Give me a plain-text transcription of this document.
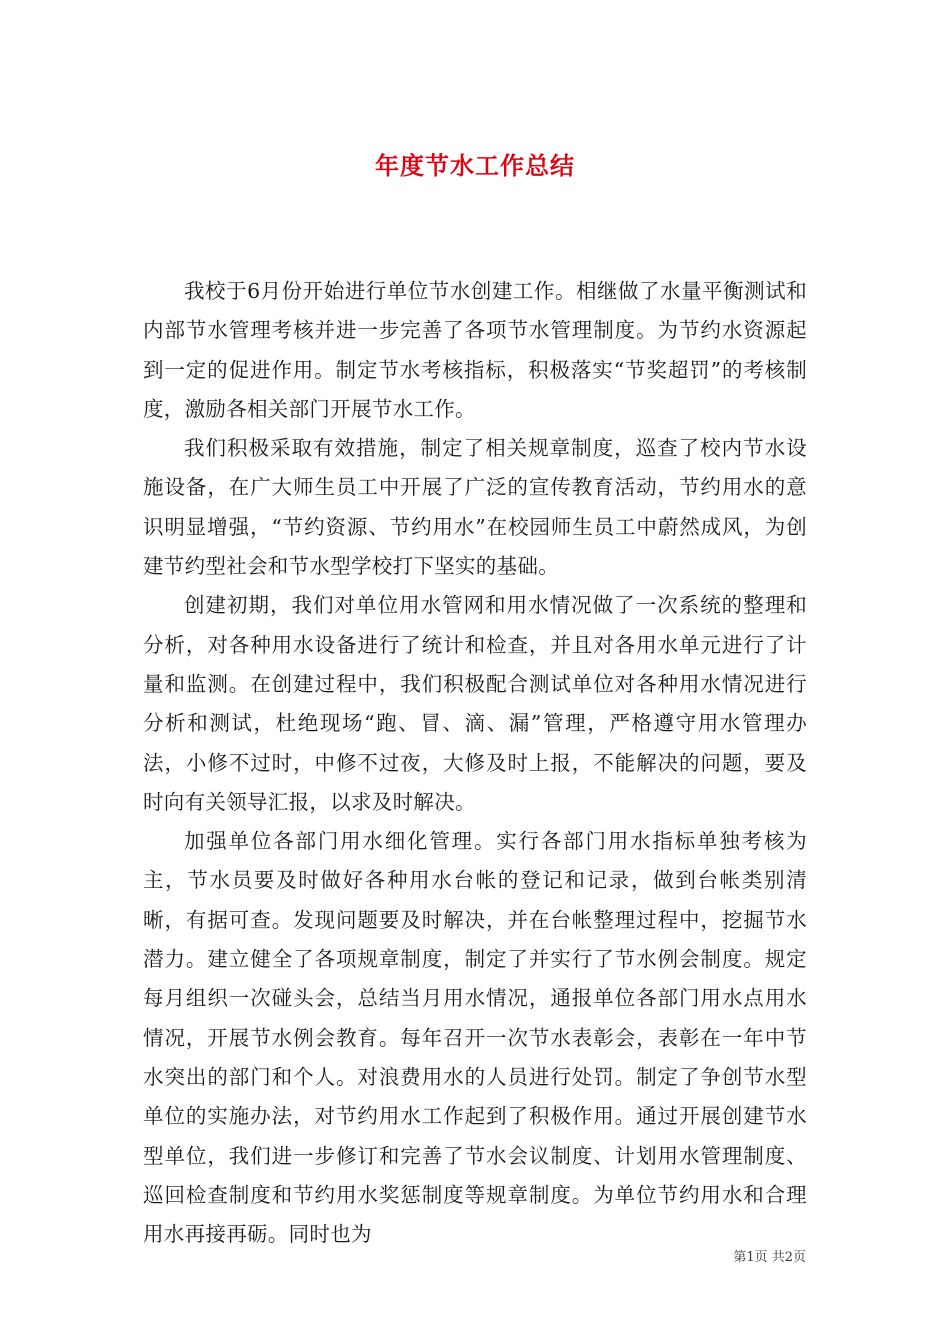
年度节水工作总结

我校于6月份开始进行单位节水创建工作。相继做了水量平衡测试和内部节水管理考核并进一步完善了各项节水管理制度。为节约水资源起到一定的促进作用。制定节水考核指标，积极落实“节奖超罚”的考核制度，激励各相关部门开展节水工作。

我们积极采取有效措施，制定了相关规章制度，巡查了校内节水设施设备，在广大师生员工中开展了广泛的宣传教育活动，节约用水的意识明显增强，“节约资源、节约用水”在校园师生员工中蔚然成风，为创建节约型社会和节水型学校打下坚实的基础。

创建初期，我们对单位用水管网和用水情况做了一次系统的整理和分析，对各种用水设备进行了统计和检查，并且对各用水单元进行了计量和监测。在创建过程中，我们积极配合测试单位对各种用水情况进行分析和测试，杜绝现场“跑、冒、滴、漏”管理，严格遵守用水管理办法，小修不过时，中修不过夜，大修及时上报，不能解决的问题，要及时向有关领导汇报，以求及时解决。

加强单位各部门用水细化管理。实行各部门用水指标单独考核为主，节水员要及时做好各种用水台帐的登记和记录，做到台帐类别清晰，有据可查。发现问题要及时解决，并在台帐整理过程中，挖掘节水潜力。建立健全了各项规章制度，制定了并实行了节水例会制度。规定每月组织一次碰头会，总结当月用水情况，通报单位各部门用水点用水情况，开展节水例会教育。每年召开一次节水表彰会，表彰在一年中节水突出的部门和个人。对浪费用水的人员进行处罚。制定了争创节水型单位的实施办法，对节约用水工作起到了积极作用。通过开展创建节水型单位，我们进一步修订和完善了节水会议制度、计划用水管理制度、巡回检查制度和节约用水奖惩制度等规章制度。为单位节约用水和合理用水再接再砺。同时也为

第1页 共2页
